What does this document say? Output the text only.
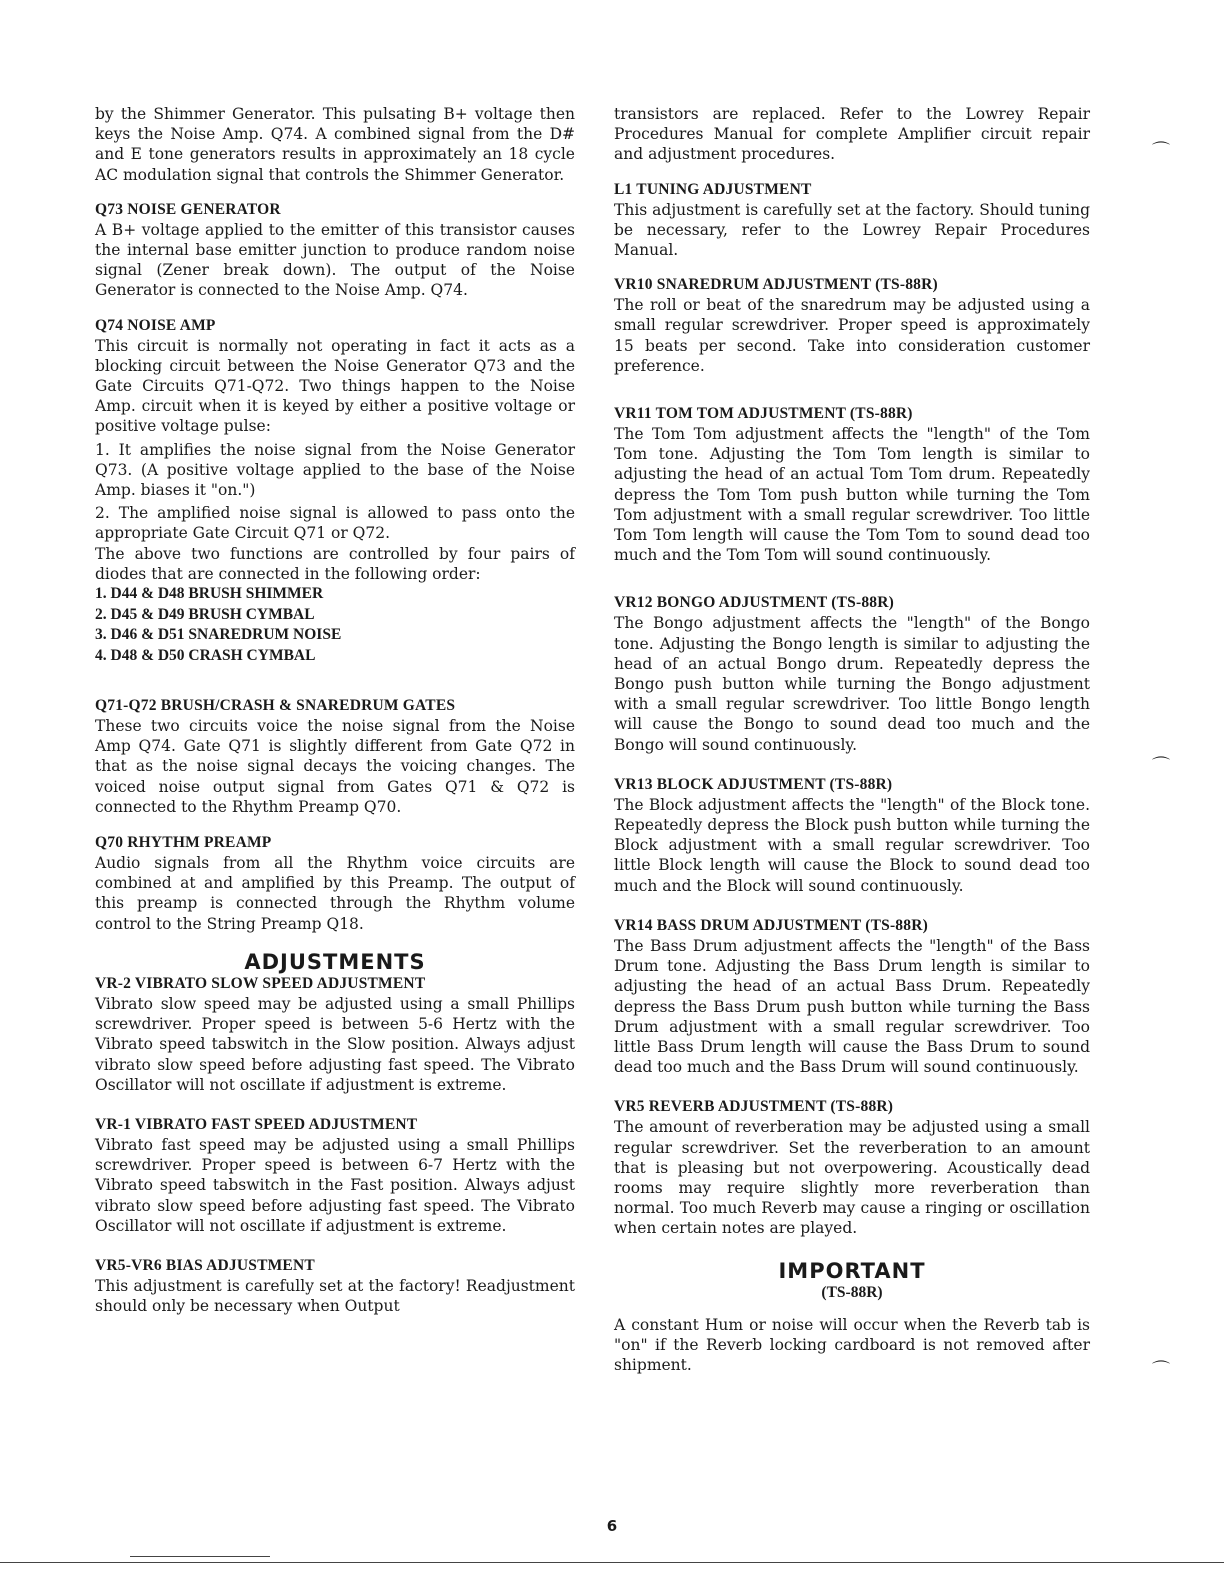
by the Shimmer Generator. This pulsating B+ voltage then keys the Noise Amp. Q74. A combined signal from the D# and E tone generators results in approximately an 18 cycle AC modulation signal that controls the Shimmer Generator.

Q73 NOISE GENERATOR

A B+ voltage applied to the emitter of this transistor causes the internal base emitter junction to produce random noise signal (Zener break down). The output of the Noise Generator is connected to the Noise Amp. Q74.

Q74 NOISE AMP

This circuit is normally not operating in fact it acts as a blocking circuit between the Noise Generator Q73 and the Gate Circuits Q71-Q72. Two things happen to the Noise Amp. circuit when it is keyed by either a positive voltage or positive voltage pulse:

1. It amplifies the noise signal from the Noise Generator Q73. (A positive voltage applied to the base of the Noise Amp. biases it "on.")

2. The amplified noise signal is allowed to pass onto the appropriate Gate Circuit Q71 or Q72.

The above two functions are controlled by four pairs of diodes that are connected in the following order:

1. D44 & D48 BRUSH SHIMMER
2. D45 & D49 BRUSH CYMBAL
3. D46 & D51 SNAREDRUM NOISE
4. D48 & D50 CRASH CYMBAL
Q71-Q72 BRUSH/CRASH & SNAREDRUM GATES

These two circuits voice the noise signal from the Noise Amp Q74. Gate Q71 is slightly different from Gate Q72 in that as the noise signal decays the voicing changes. The voiced noise output signal from Gates Q71 & Q72 is connected to the Rhythm Preamp Q70.

Q70 RHYTHM PREAMP

Audio signals from all the Rhythm voice circuits are combined at and amplified by this Preamp. The output of this preamp is connected through the Rhythm volume control to the String Preamp Q18.

ADJUSTMENTS
VR-2 VIBRATO SLOW SPEED ADJUSTMENT

Vibrato slow speed may be adjusted using a small Phillips screwdriver. Proper speed is between 5-6 Hertz with the Vibrato speed tabswitch in the Slow position. Always adjust vibrato slow speed before adjusting fast speed. The Vibrato Oscillator will not oscillate if adjustment is extreme.

VR-1 VIBRATO FAST SPEED ADJUSTMENT

Vibrato fast speed may be adjusted using a small Phillips screwdriver. Proper speed is between 6-7 Hertz with the Vibrato speed tabswitch in the Fast position. Always adjust vibrato slow speed before adjusting fast speed. The Vibrato Oscillator will not oscillate if adjustment is extreme.

VR5-VR6 BIAS ADJUSTMENT

This adjustment is carefully set at the factory! Readjustment should only be necessary when Output

transistors are replaced. Refer to the Lowrey Repair Procedures Manual for complete Amplifier circuit repair and adjustment procedures.

L1 TUNING ADJUSTMENT

This adjustment is carefully set at the factory. Should tuning be necessary, refer to the Lowrey Repair Procedures Manual.

VR10 SNAREDRUM ADJUSTMENT (TS-88R)

The roll or beat of the snaredrum may be adjusted using a small regular screwdriver. Proper speed is approximately 15 beats per second. Take into consideration customer preference.

VR11 TOM TOM ADJUSTMENT (TS-88R)

The Tom Tom adjustment affects the "length" of the Tom Tom tone. Adjusting the Tom Tom length is similar to adjusting the head of an actual Tom Tom drum. Repeatedly depress the Tom Tom push button while turning the Tom Tom adjustment with a small regular screwdriver. Too little Tom Tom length will cause the Tom Tom to sound dead too much and the Tom Tom will sound continuously.

VR12 BONGO ADJUSTMENT (TS-88R)

The Bongo adjustment affects the "length" of the Bongo tone. Adjusting the Bongo length is similar to adjusting the head of an actual Bongo drum. Repeatedly depress the Bongo push button while turning the Bongo adjustment with a small regular screwdriver. Too little Bongo length will cause the Bongo to sound dead too much and the Bongo will sound continuously.

VR13 BLOCK ADJUSTMENT (TS-88R)

The Block adjustment affects the "length" of the Block tone. Repeatedly depress the Block push button while turning the Block adjustment with a small regular screwdriver. Too little Block length will cause the Block to sound dead too much and the Block will sound continuously.

VR14 BASS DRUM ADJUSTMENT (TS-88R)

The Bass Drum adjustment affects the "length" of the Bass Drum tone. Adjusting the Bass Drum length is similar to adjusting the head of an actual Bass Drum. Repeatedly depress the Bass Drum push button while turning the Bass Drum adjustment with a small regular screwdriver. Too little Bass Drum length will cause the Bass Drum to sound dead too much and the Bass Drum will sound continuously.

VR5 REVERB ADJUSTMENT (TS-88R)

The amount of reverberation may be adjusted using a small regular screwdriver. Set the reverberation to an amount that is pleasing but not overpowering. Acoustically dead rooms may require slightly more reverberation than normal. Too much Reverb may cause a ringing or oscillation when certain notes are played.

IMPORTANT
(TS-88R)

A constant Hum or noise will occur when the Reverb tab is "on" if the Reverb locking cardboard is not removed after shipment.

6
⌒
⌒
⌒
